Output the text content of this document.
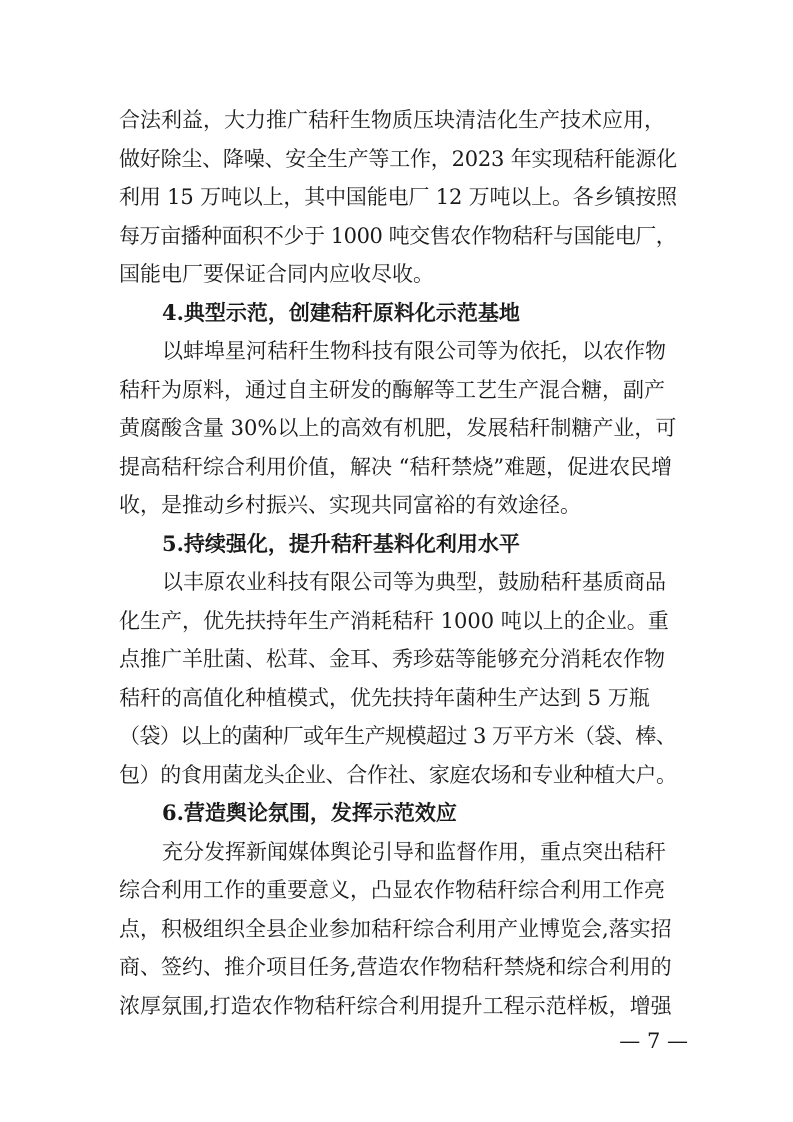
合法利益，大力推广秸秆生物质压块清洁化生产技术应用，
做好除尘、降噪、安全生产等工作，2023 年实现秸秆能源化
利用 15 万吨以上，其中国能电厂 12 万吨以上。各乡镇按照
每万亩播种面积不少于 1000 吨交售农作物秸秆与国能电厂，
国能电厂要保证合同内应收尽收。
4.典型示范，创建秸秆原料化示范基地
以蚌埠星河秸秆生物科技有限公司等为依托，以农作物
秸秆为原料，通过自主研发的酶解等工艺生产混合糖，副产
黄腐酸含量 30%以上的高效有机肥，发展秸秆制糖产业，可
提高秸秆综合利用价值，解决 “秸秆禁烧”难题，促进农民增
收，是推动乡村振兴、实现共同富裕的有效途径。
5.持续强化，提升秸秆基料化利用水平
以丰原农业科技有限公司等为典型，鼓励秸秆基质商品
化生产，优先扶持年生产消耗秸秆 1000 吨以上的企业。重
点推广羊肚菌、松茸、金耳、秀珍菇等能够充分消耗农作物
秸秆的高值化种植模式，优先扶持年菌种生产达到 5 万瓶
（袋）以上的菌种厂或年生产规模超过 3 万平方米（袋、棒、
包）的食用菌龙头企业、合作社、家庭农场和专业种植大户。
6.营造舆论氛围，发挥示范效应
充分发挥新闻媒体舆论引导和监督作用，重点突出秸秆
综合利用工作的重要意义，凸显农作物秸秆综合利用工作亮
点，积极组织全县企业参加秸秆综合利用产业博览会,落实招
商、签约、推介项目任务,营造农作物秸秆禁烧和综合利用的
浓厚氛围,打造农作物秸秆综合利用提升工程示范样板，增强
— 7 —
